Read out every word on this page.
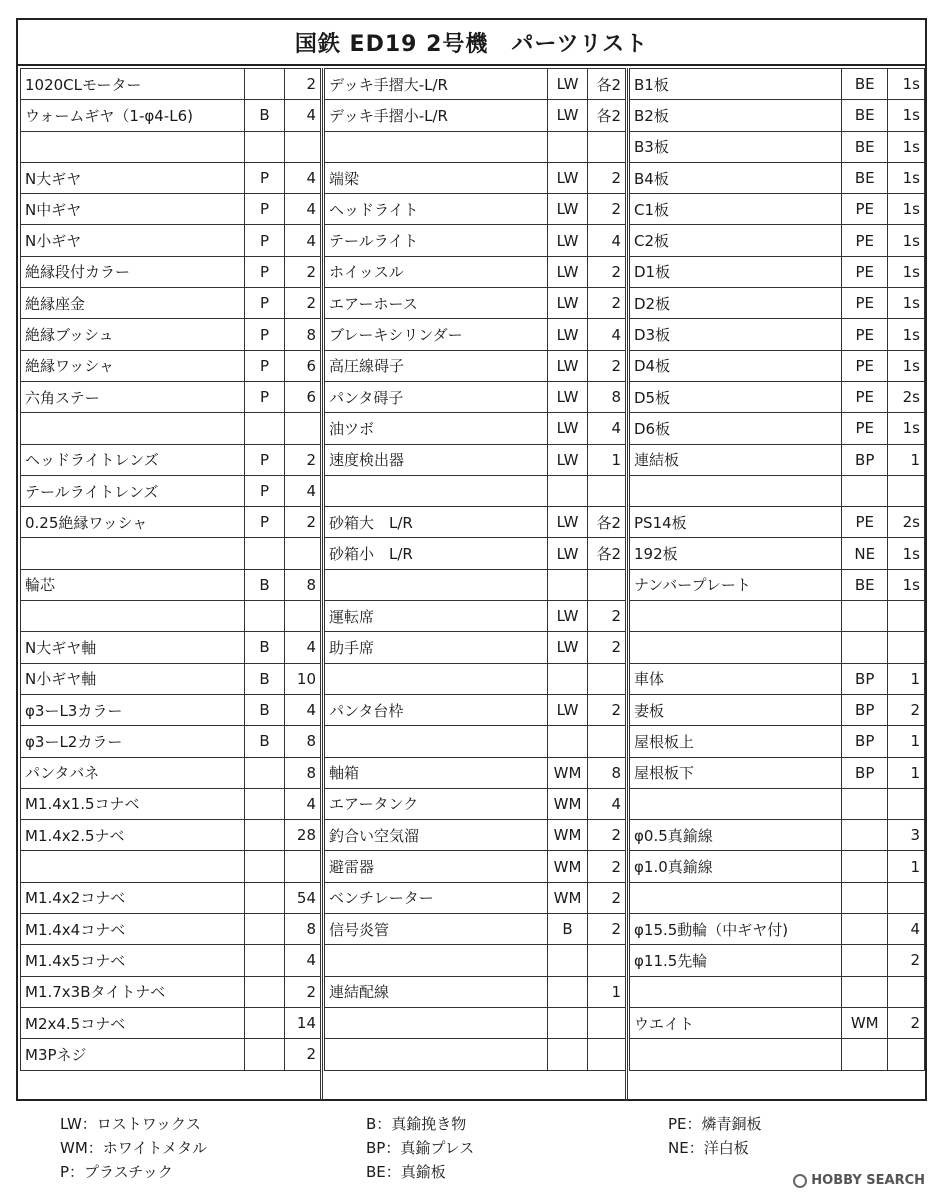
国鉄 ED19 2号機　パーツリスト
1020CLモーター		2
ウォームギヤ（1-φ4-L6)	B	4

N大ギヤ	P	4
N中ギヤ	P	4
N小ギヤ	P	4
絶縁段付カラー	P	2
絶縁座金	P	2
絶縁ブッシュ	P	8
絶縁ワッシャ	P	6
六角ステー	P	6

ヘッドライトレンズ	P	2
テールライトレンズ	P	4
0.25絶縁ワッシャ	P	2

輪芯	B	8

N大ギヤ軸	B	4
N小ギヤ軸	B	10
φ3ーL3カラー	B	4
φ3ーL2カラー	B	8
パンタバネ		8
M1.4x1.5コナベ		4
M1.4x2.5ナベ		28

M1.4x2コナベ		54
M1.4x4コナベ		8
M1.4x5コナベ		4
M1.7x3Bタイトナベ		2
M2x4.5コナベ		14
M3Pネジ		2
デッキ手摺大-L/R	LW	各2
デッキ手摺小-L/R	LW	各2

端梁	LW	2
ヘッドライト	LW	2
テールライト	LW	4
ホイッスル	LW	2
エアーホース	LW	2
ブレーキシリンダー	LW	4
高圧線碍子	LW	2
パンタ碍子	LW	8
油ツボ	LW	4
速度検出器	LW	1

砂箱大　L/R	LW	各2
砂箱小　L/R	LW	各2

運転席	LW	2
助手席	LW	2

パンタ台枠	LW	2

軸箱	WM	8
エアータンク	WM	4
釣合い空気溜	WM	2
避雷器	WM	2
ベンチレーター	WM	2
信号炎管	B	2

連結配線		1

B1板	BE	1s
B2板	BE	1s
B3板	BE	1s
B4板	BE	1s
C1板	PE	1s
C2板	PE	1s
D1板	PE	1s
D2板	PE	1s
D3板	PE	1s
D4板	PE	1s
D5板	PE	2s
D6板	PE	1s
連結板	BP	1

PS14板	PE	2s
192板	NE	1s
ナンバープレート	BE	1s

車体	BP	1
妻板	BP	2
屋根板上	BP	1
屋根板下	BP	1

φ0.5真鍮線		3
φ1.0真鍮線		1

φ15.5動輪（中ギヤ付)		4
φ11.5先輪		2

ウエイト	WM	2

LW：ロストワックス
WM：ホワイトメタル
P：プラスチック
B：真鍮挽き物
BP：真鍮プレス
BE：真鍮板
PE：燐青銅板
NE：洋白板
HOBBY SEARCH
